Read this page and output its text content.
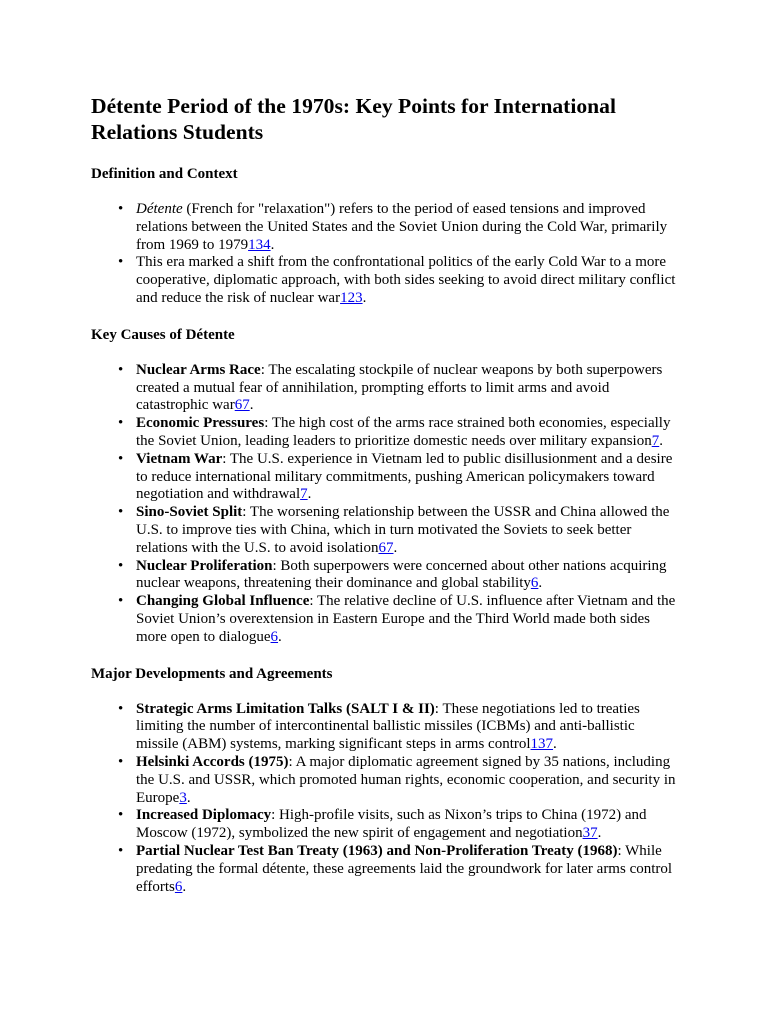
Détente Period of the 1970s: Key Points for International Relations Students
Definition and Context
• Détente (French for "relaxation") refers to the period of eased tensions and improved relations between the United States and the Soviet Union during the Cold War, primarily from 1969 to 1979134.
• This era marked a shift from the confrontational politics of the early Cold War to a more cooperative, diplomatic approach, with both sides seeking to avoid direct military conflict and reduce the risk of nuclear war123.
Key Causes of Détente
• Nuclear Arms Race: The escalating stockpile of nuclear weapons by both superpowers created a mutual fear of annihilation, prompting efforts to limit arms and avoid catastrophic war67.
• Economic Pressures: The high cost of the arms race strained both economies, especially the Soviet Union, leading leaders to prioritize domestic needs over military expansion7.
• Vietnam War: The U.S. experience in Vietnam led to public disillusionment and a desire to reduce international military commitments, pushing American policymakers toward negotiation and withdrawal7.
• Sino-Soviet Split: The worsening relationship between the USSR and China allowed the U.S. to improve ties with China, which in turn motivated the Soviets to seek better relations with the U.S. to avoid isolation67.
• Nuclear Proliferation: Both superpowers were concerned about other nations acquiring nuclear weapons, threatening their dominance and global stability6.
• Changing Global Influence: The relative decline of U.S. influence after Vietnam and the Soviet Union’s overextension in Eastern Europe and the Third World made both sides more open to dialogue6.
Major Developments and Agreements
• Strategic Arms Limitation Talks (SALT I & II): These negotiations led to treaties limiting the number of intercontinental ballistic missiles (ICBMs) and anti-ballistic missile (ABM) systems, marking significant steps in arms control137.
• Helsinki Accords (1975): A major diplomatic agreement signed by 35 nations, including the U.S. and USSR, which promoted human rights, economic cooperation, and security in Europe3.
• Increased Diplomacy: High-profile visits, such as Nixon’s trips to China (1972) and Moscow (1972), symbolized the new spirit of engagement and negotiation37.
• Partial Nuclear Test Ban Treaty (1963) and Non-Proliferation Treaty (1968): While predating the formal détente, these agreements laid the groundwork for later arms control efforts6.
